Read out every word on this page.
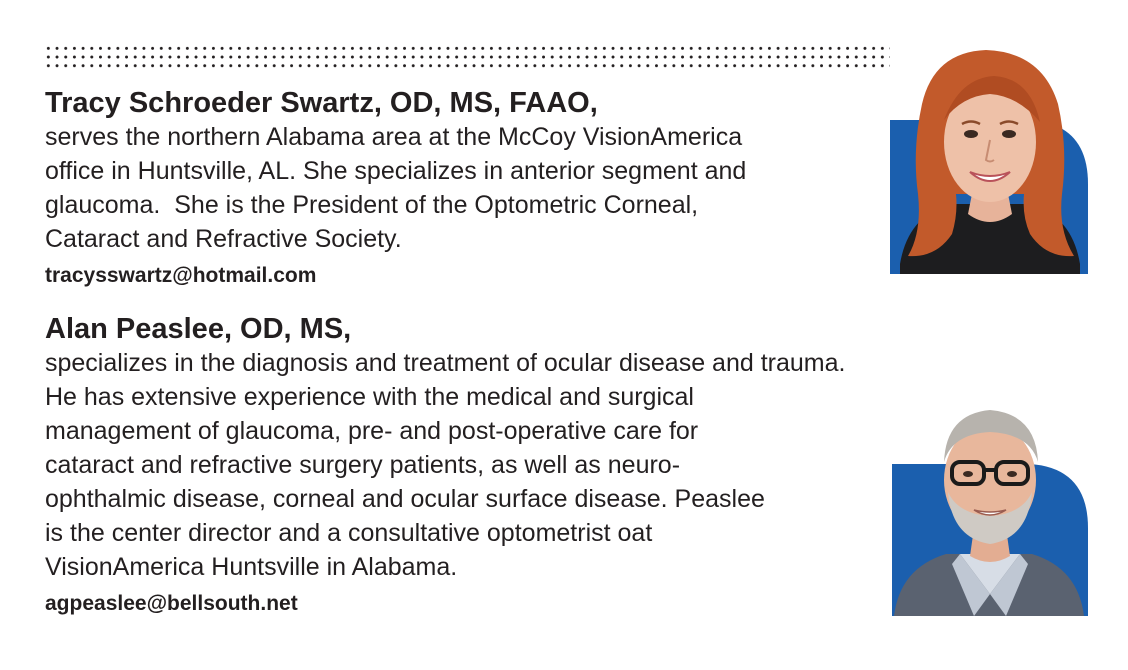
Tracy Schroeder Swartz, OD, MS, FAAO,

serves the northern Alabama area at the McCoy VisionAmerica

office in Huntsville, AL. She specializes in anterior segment and

glaucoma.  She is the President of the Optometric Corneal,

Cataract and Refractive Society.

tracysswartz@hotmail.com

Alan Peaslee, OD, MS,

specializes in the diagnosis and treatment of ocular disease and trauma.

He has extensive experience with the medical and surgical

management of glaucoma, pre- and post-operative care for

cataract and refractive surgery patients, as well as neuro-

ophthalmic disease, corneal and ocular surface disease. Peaslee

is the center director and a consultative optometrist oat

VisionAmerica Huntsville in Alabama.

agpeaslee@bellsouth.net
